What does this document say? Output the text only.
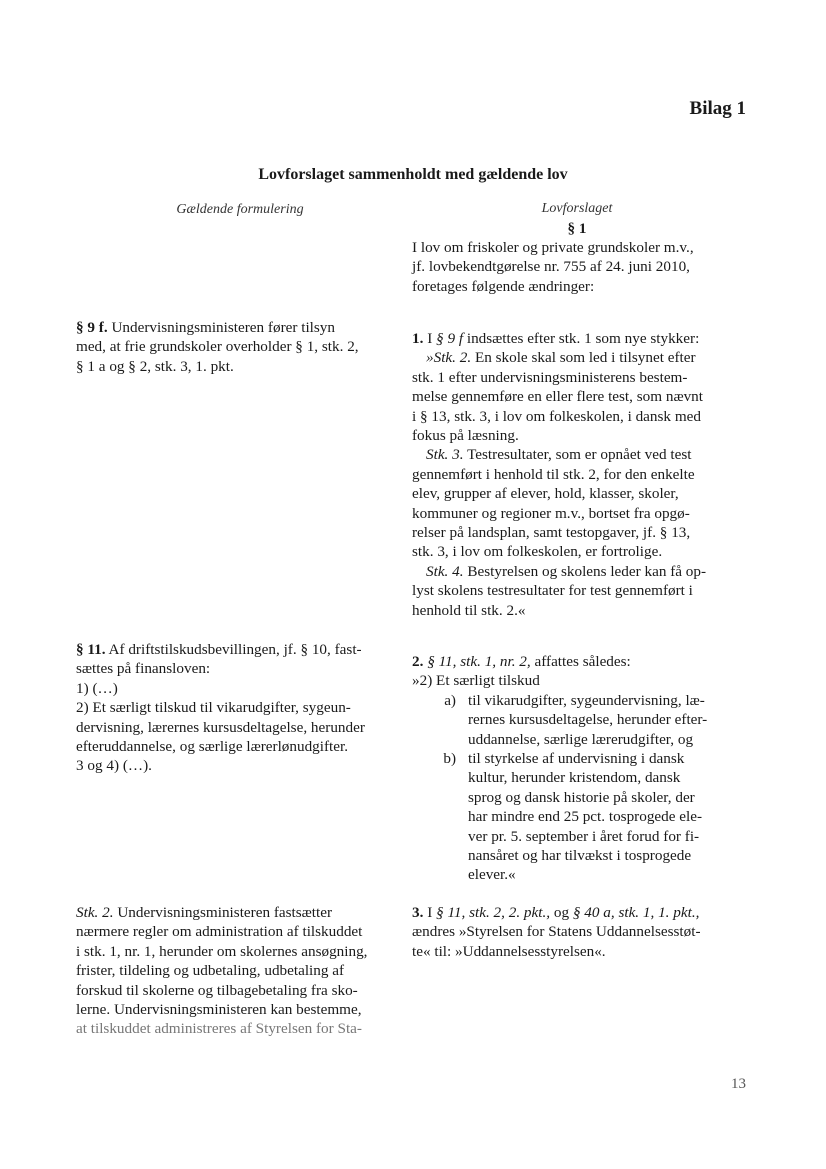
Bilag 1
Lovforslaget sammenholdt med gældende lov
Gældende formulering	Lovforslaget
§ 1
I lov om friskoler og private grundskoler m.v.,
jf. lovbekendtgørelse nr. 755 af 24. juni 2010,
foretages følgende ændringer:
§ 9 f. Undervisningsministeren fører tilsyn
med, at frie grundskoler overholder § 1, stk. 2,
§ 1 a og § 2, stk. 3, 1. pkt.
§ 11. Af driftstilskudsbevillingen, jf. § 10, fast-
sættes på finansloven:
1) (…)
2) Et særligt tilskud til vikarudgifter, sygeun-
dervisning, lærernes kursusdeltagelse, herunder
efteruddannelse, og særlige lærerlønudgifter.
3 og 4) (…).
Stk. 2. Undervisningsministeren fastsætter
nærmere regler om administration af tilskuddet
i stk. 1, nr. 1, herunder om skolernes ansøgning,
frister, tildeling og udbetaling, udbetaling af
forskud til skolerne og tilbagebetaling fra sko-
lerne. Undervisningsministeren kan bestemme,
at tilskuddet administreres af Styrelsen for Sta-
1. I § 9 f indsættes efter stk. 1 som nye stykker:
»Stk. 2. En skole skal som led i tilsynet efter
stk. 1 efter undervisningsministerens bestem-
melse gennemføre en eller flere test, som nævnt
i § 13, stk. 3, i lov om folkeskolen, i dansk med
fokus på læsning.
Stk. 3. Testresultater, som er opnået ved test
gennemført i henhold til stk. 2, for den enkelte
elev, grupper af elever, hold, klasser, skoler,
kommuner og regioner m.v., bortset fra opgø-
relser på landsplan, samt testopgaver, jf. § 13,
stk. 3, i lov om folkeskolen, er fortrolige.
Stk. 4. Bestyrelsen og skolens leder kan få op-
lyst skolens testresultater for test gennemført i
henhold til stk. 2.«
2. § 11, stk. 1, nr. 2, affattes således:
»2) Et særligt tilskud
a) til vikarudgifter, sygeundervisning, læ-
rernes kursusdeltagelse, herunder efter-
uddannelse, særlige lærerudgifter, og
b) til styrkelse af undervisning i dansk
kultur, herunder kristendom, dansk
sprog og dansk historie på skoler, der
har mindre end 25 pct. tosprogede ele-
ver pr. 5. september i året forud for fi-
nansåret og har tilvækst i tosprogede
elever.«
3. I § 11, stk. 2, 2. pkt., og § 40 a, stk. 1, 1. pkt.,
ændres »Styrelsen for Statens Uddannelsesstøt-
te« til: »Uddannelsesstyrelsen«.
13
